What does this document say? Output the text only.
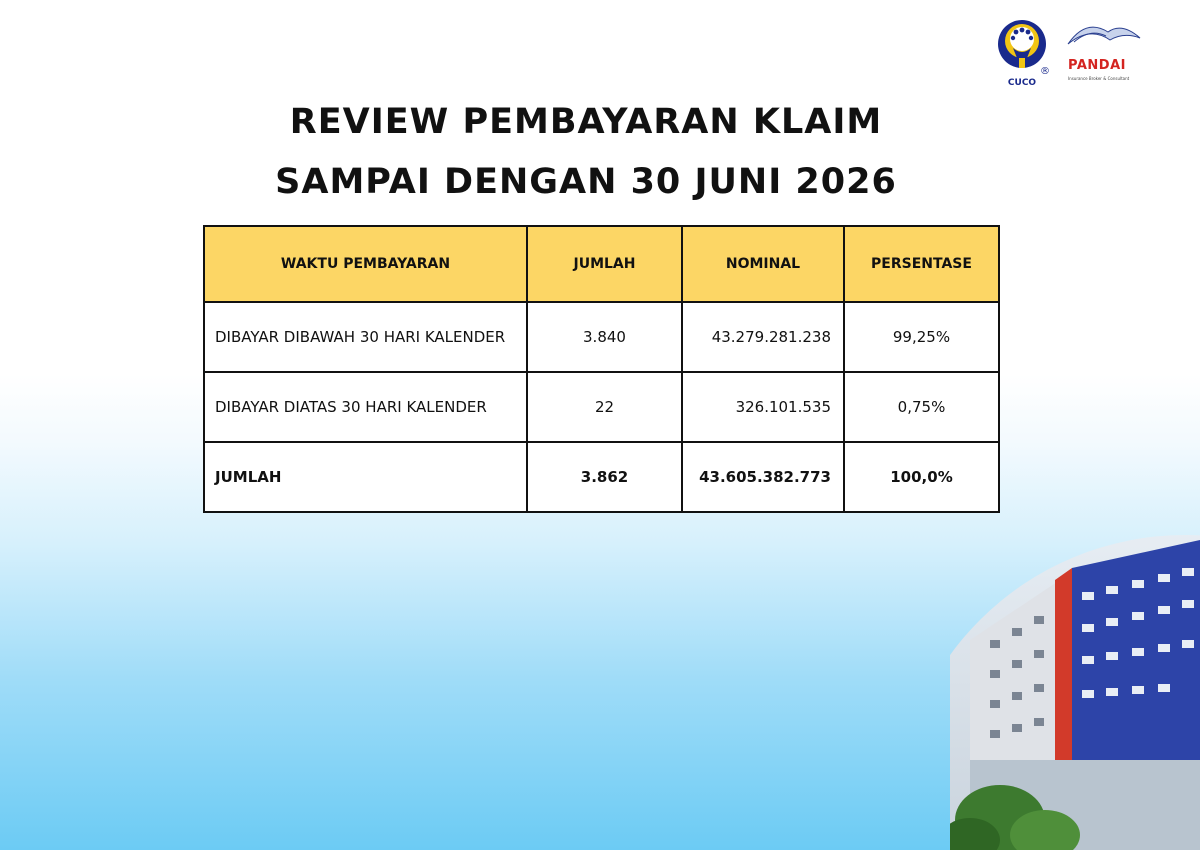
CUCO
® PANDAI
Insurance Broker & Consultant
REVIEW PEMBAYARAN KLAIM
SAMPAI DENGAN 30 JUNI 2026
WAKTU PEMBAYARAN	JUMLAH	NOMINAL	PERSENTASE
DIBAYAR DIBAWAH 30 HARI KALENDER	3.840	43.279.281.238	99,25%
DIBAYAR DIATAS 30 HARI KALENDER	22	326.101.535	0,75%
JUMLAH	3.862	43.605.382.773	100,0%
